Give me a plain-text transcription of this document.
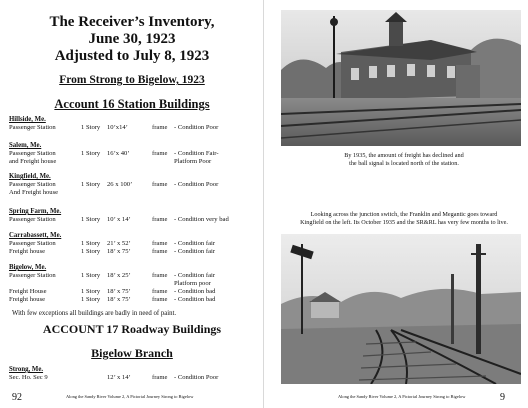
The Receiver’s Inventory,
June 30, 1923
Adjusted to July 8, 1923
From Strong to Bigelow, 1923
Account 16 Station Buildings
Hillside, Me.
Passenger Station	1 Story 10’x14’	frame - Condition Poor
Salem, Me.
Passenger Station	1 Story 16’x 40’	frame - Condition Fair-
and Freight house	Platform Poor
Kingfield, Me.
Passenger Station	1 Story 26 x 100’	frame - Condition Poor
And Freight house
Spring Farm, Me.
Passenger Station	1 Story 10’ x 14’	frame - Condition very bad
Carrabassett, Me.
Passenger Station	1 Story 21’ x 52’	frame - Condition fair
Freight house	1 Story 18’ x 75’	frame - Condition fair
Bigelow, Me.
Passenger Station	1 Story 18’ x 25’	frame - Condition fair
Platform poor
Freight House	1 Story 18’ x 75’	frame - Condition bad
Freight house	1 Story 18’ x 75’	frame - Condition bad
With few exceptions all buildings are badly in need of paint.
ACCOUNT 17 Roadway Buildings
Bigelow Branch
Strong, Me.
Sec. Ho. Sec 9	12’ x 14’	frame - Condition Poor
92	Along the Sandy River Volume 2, A Pictorial Journey Strong to Bigelow
By 1935, the amount of freight has declined and
the ball signal is located north of the station.
Looking across the junction switch, the Franklin and Megantic goes toward
Kingfield on the left. Its October 1935 and the SR&RL has very few months to live.
9
Along the Sandy River Volume 2, A Pictorial Journey Strong to Bigelow
